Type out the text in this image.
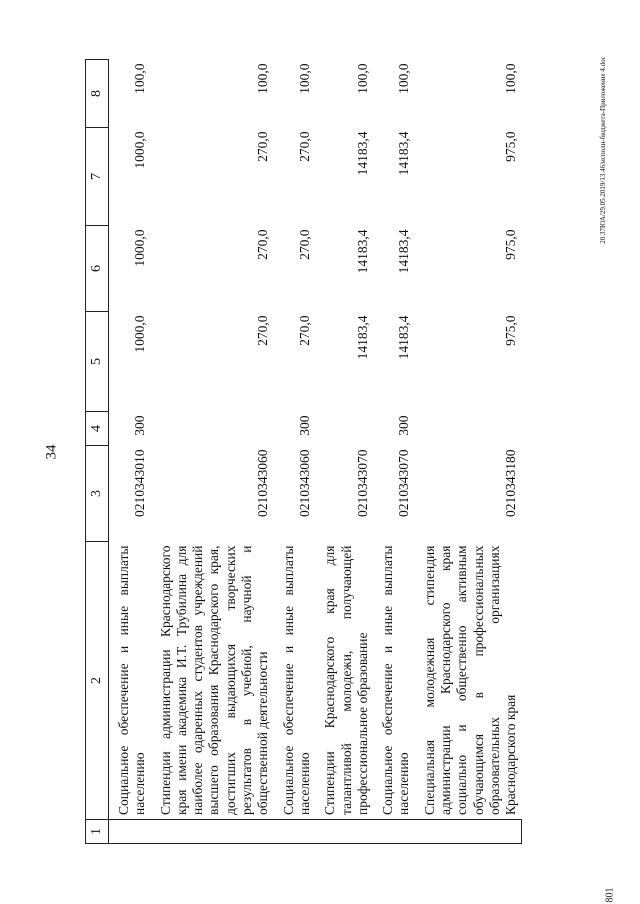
34
20.37ЮА/29.05.2019/13.46/исполн-бюджета-Приложение 4.doc
801
1	2	3	4	5	6	7	8
	Социальное обеспечение и иные выплаты населению	0210343010	300	1000,0	1000,0	1000,0	100,0
	Стипендии администрации Краснодарского края имени академика И.Т. Трубилина для наиболее одаренных студентов учреждений высшего образования Краснодарского края, достигших выдающихся творческих результатов в учебной, научной и общественной деятельности	0210343060		270,0	270,0	270,0	100,0
	Социальное обеспечение и иные выплаты населению	0210343060	300	270,0	270,0	270,0	100,0
	Стипендии Краснодарского края для талантливой молодежи, получающей профессиональное образование	0210343070		14183,4	14183,4	14183,4	100,0
	Социальное обеспечение и иные выплаты населению	0210343070	300	14183,4	14183,4	14183,4	100,0
	Специальная молодежная стипендия администрации Краснодарского края социально и общественно активным обучающимся в профессиональных образовательных организациях Краснодарского края	0210343180		975,0	975,0	975,0	100,0
